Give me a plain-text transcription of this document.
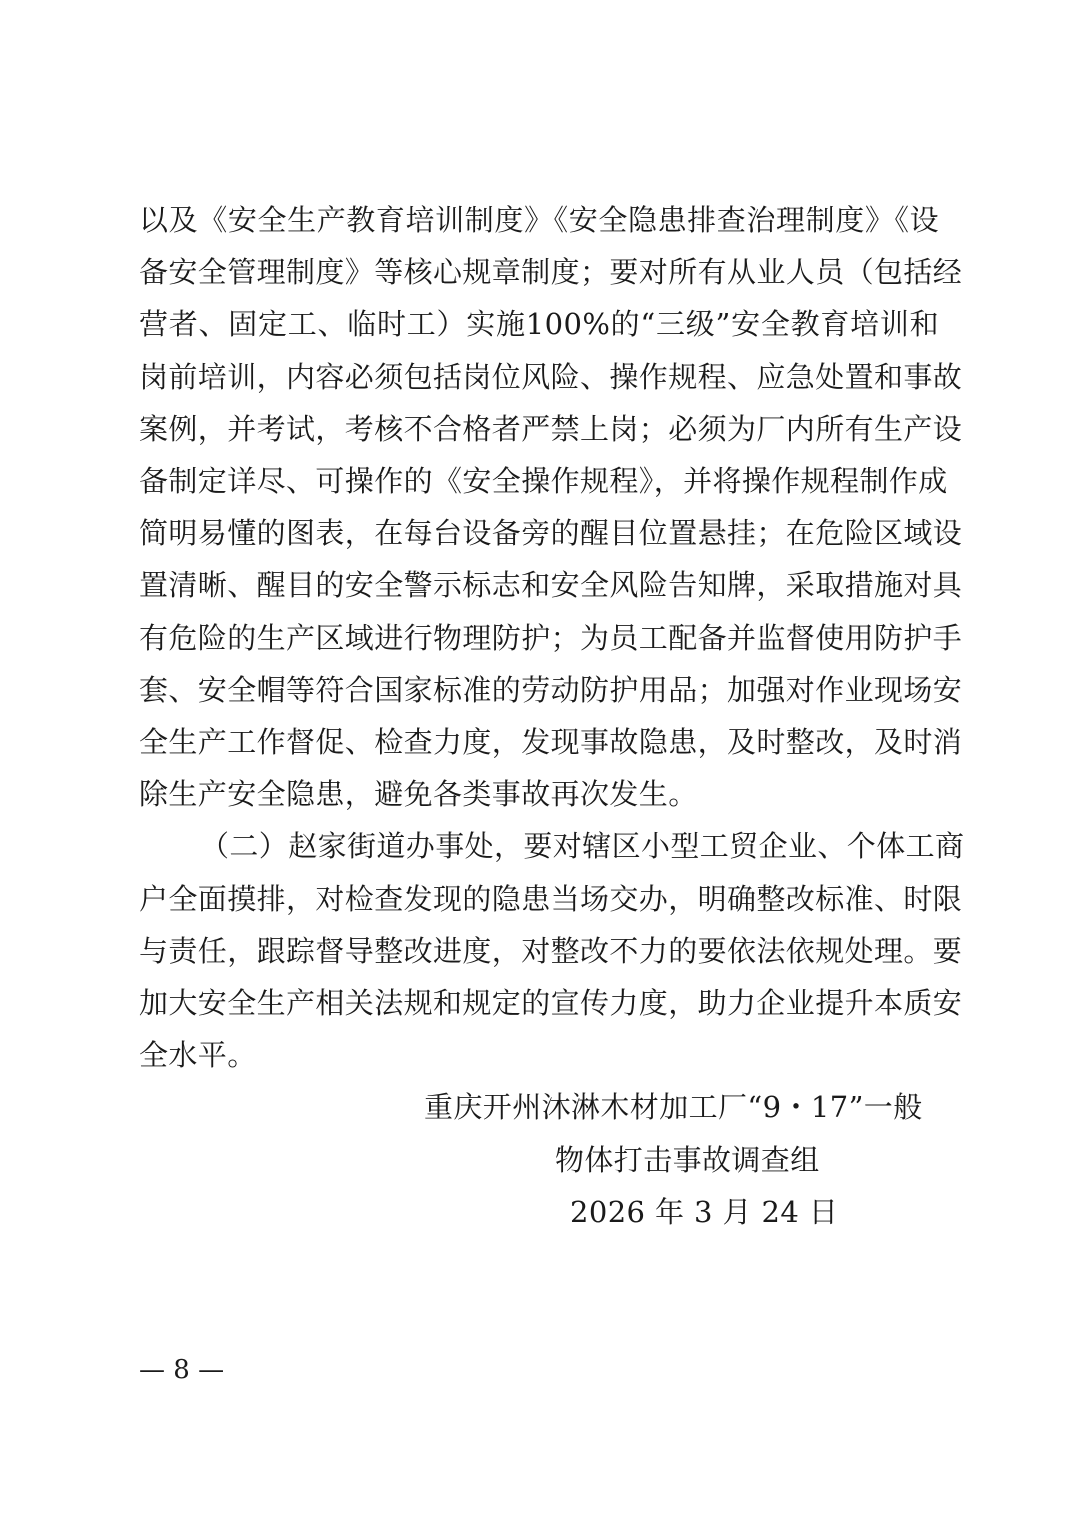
以及《安全生产教育培训制度》《安全隐患排查治理制度》《设
备安全管理制度》等核心规章制度；要对所有从业人员（包括经
营者、固定工、临时工）实施100%的“三级”安全教育培训和
岗前培训，内容必须包括岗位风险、操作规程、应急处置和事故
案例，并考试，考核不合格者严禁上岗；必须为厂内所有生产设
备制定详尽、可操作的《安全操作规程》，并将操作规程制作成
简明易懂的图表，在每台设备旁的醒目位置悬挂；在危险区域设
置清晰、醒目的安全警示标志和安全风险告知牌，采取措施对具
有危险的生产区域进行物理防护；为员工配备并监督使用防护手
套、安全帽等符合国家标准的劳动防护用品；加强对作业现场安
全生产工作督促、检查力度，发现事故隐患，及时整改，及时消
除生产安全隐患，避免各类事故再次发生。
（二）赵家街道办事处，要对辖区小型工贸企业、个体工商
户全面摸排，对检查发现的隐患当场交办，明确整改标准、时限
与责任，跟踪督导整改进度，对整改不力的要依法依规处理。要
加大安全生产相关法规和规定的宣传力度，助力企业提升本质安
全水平。
重庆开州沐淋木材加工厂“9・17”一般
物体打击事故调查组
2026 年 3 月 24 日
— 8 —
